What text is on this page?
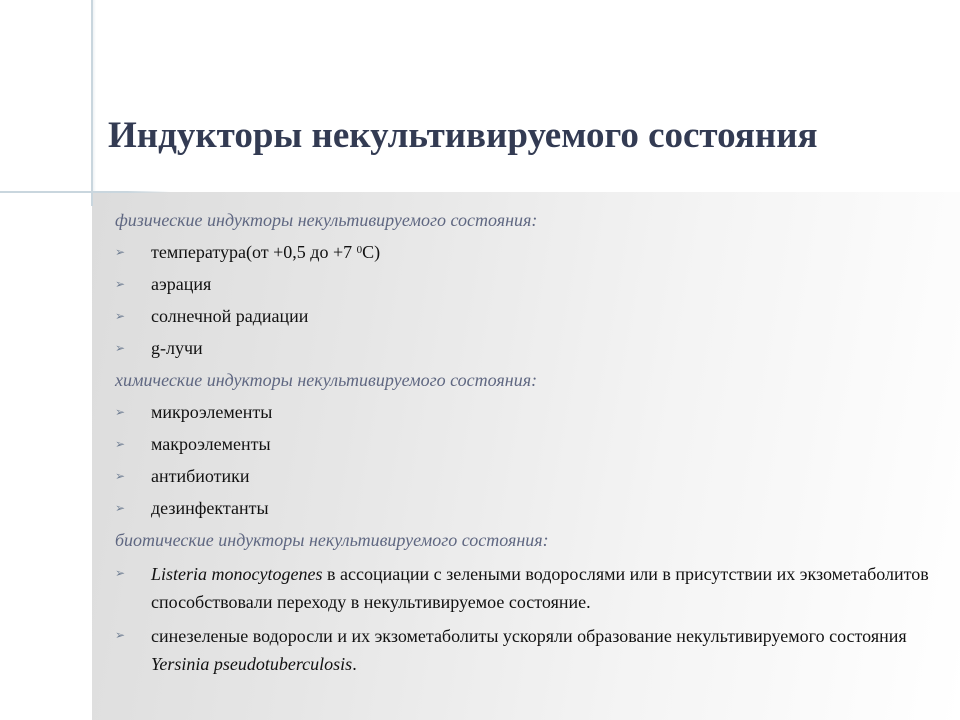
Индукторы некультивируемого состояния
физические индукторы некультивируемого состояния:
➢ температура(от +0,5 до +7 $^0$С)
➢ аэрация
➢ солнечной радиации
➢ g-лучи
химические индукторы некультивируемого состояния:
➢ микроэлементы
➢ макроэлементы
➢ антибиотики
➢ дезинфектанты
биотические индукторы некультивируемого состояния:
➢ Listeria monocytogenes в ассоциации с зелеными водорослями или в присутствии их экзометаболитов способствовали переходу в некультивируемое состояние.
➢ синезеленые водоросли и их экзометаболиты ускоряли образование некультивируемого состояния Yersinia pseudotuberculosis.
